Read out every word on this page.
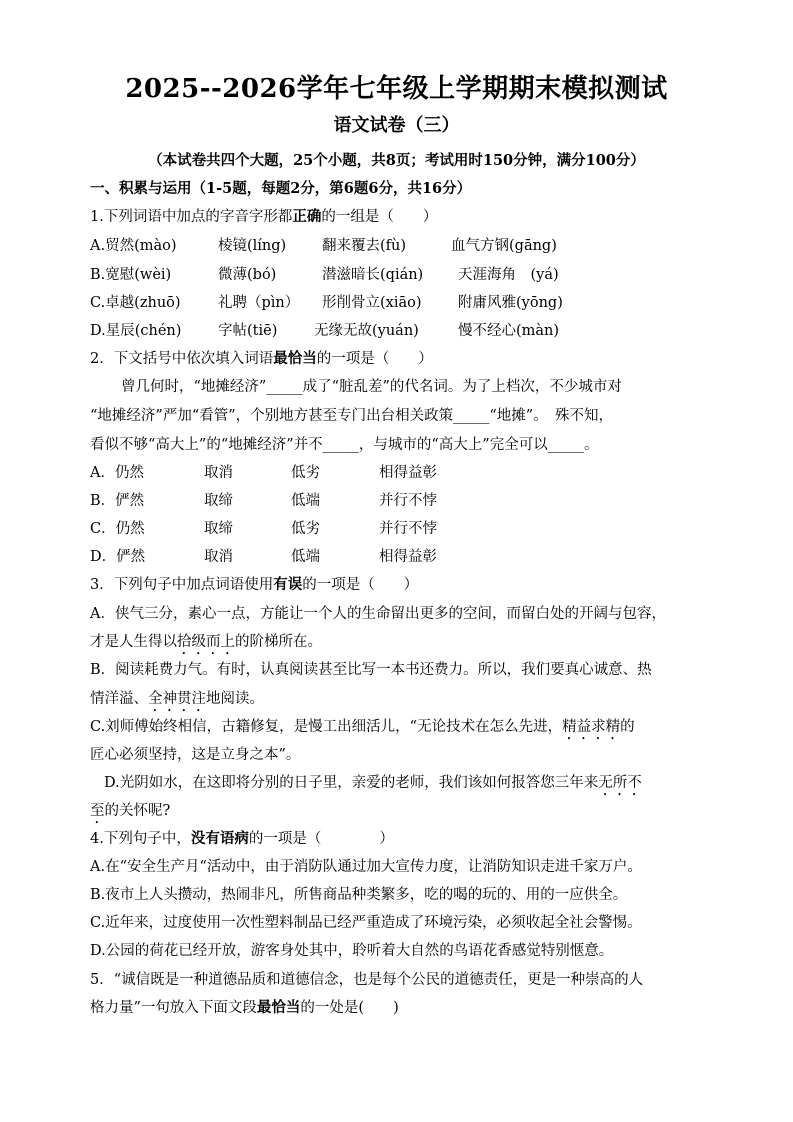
2025--2026学年七年级上学期期末模拟测试
语文试卷（三）
（本试卷共四个大题，25个小题，共8页；考试用时150分钟，满分100分）
一、积累与运用（1-5题，每题2分，第6题6分，共16分）
1.下列词语中加点的字音字形都正确的一组是（　　）
A.贸然(mào)	棱镜(líng) 翻来覆去(fù)	血气方钢(gāng)
B.宽慰(wèi)	微薄(bó)	潜滋暗长(qián) 天涯海角　(yá)
C.卓越(zhuō)	礼聘（pìn） 形削骨立(xiāo)	附庸风雅(yōng)
D.星辰(chén)	字帖(tiē)	无缘无故(yuán)	慢不经心(màn)
2．下文括号中依次填入词语最恰当的一项是（　　）
曾几何时，“地摊经济”_____成了“脏乱差”的代名词。为了上档次，不少城市对
“地摊经济”严加“看管”，个别地方甚至专门出台相关政策_____“地摊”。　殊不知，
看似不够“高大上”的“地摊经济”并不_____，与城市的“高大上”完全可以_____。
A．仍然	取消	低劣	相得益彰
B．俨然	取缔	低端	并行不悖
C．仍然	取缔	低劣	并行不悖
D．俨然	取消	低端	相得益彰
3．下列句子中加点词语使用有误的一项是（　　）
A．侠气三分，素心一点，方能让一个人的生命留出更多的空间，而留白处的开阔与包容，
才是人生得以拾级而上的阶梯所在。
B．阅读耗费力气。有时，认真阅读甚至比写一本书还费力。所以，我们要真心诚意、热
情洋溢、全神贯注地阅读。
C.刘师傅始终相信，古籍修复，是慢工出细活儿，“无论技术在怎么先进，精益求精的
匠心必须坚持，这是立身之本”。
D.光阴如水，在这即将分别的日子里，亲爱的老师，我们该如何报答您三年来无所不
至的关怀呢?
4.下列句子中，没有语病的一项是（　　　　）
A.在“安全生产月“活动中，由于消防队通过加大宣传力度，让消防知识走进千家万户。
B.夜市上人头攒动，热闹非凡，所售商品种类繁多，吃的喝的玩的、用的一应供全。
C.近年来，过度使用一次性塑料制品已经严重造成了环境污染，必须收起全社会警惕。
D.公园的荷花已经开放，游客身处其中，聆听着大自然的鸟语花香感觉特别惬意。
5．“诚信既是一种道德品质和道德信念，也是每个公民的道德责任，更是一种崇高的人
格力量”一句放入下面文段最恰当的一处是(　　)
